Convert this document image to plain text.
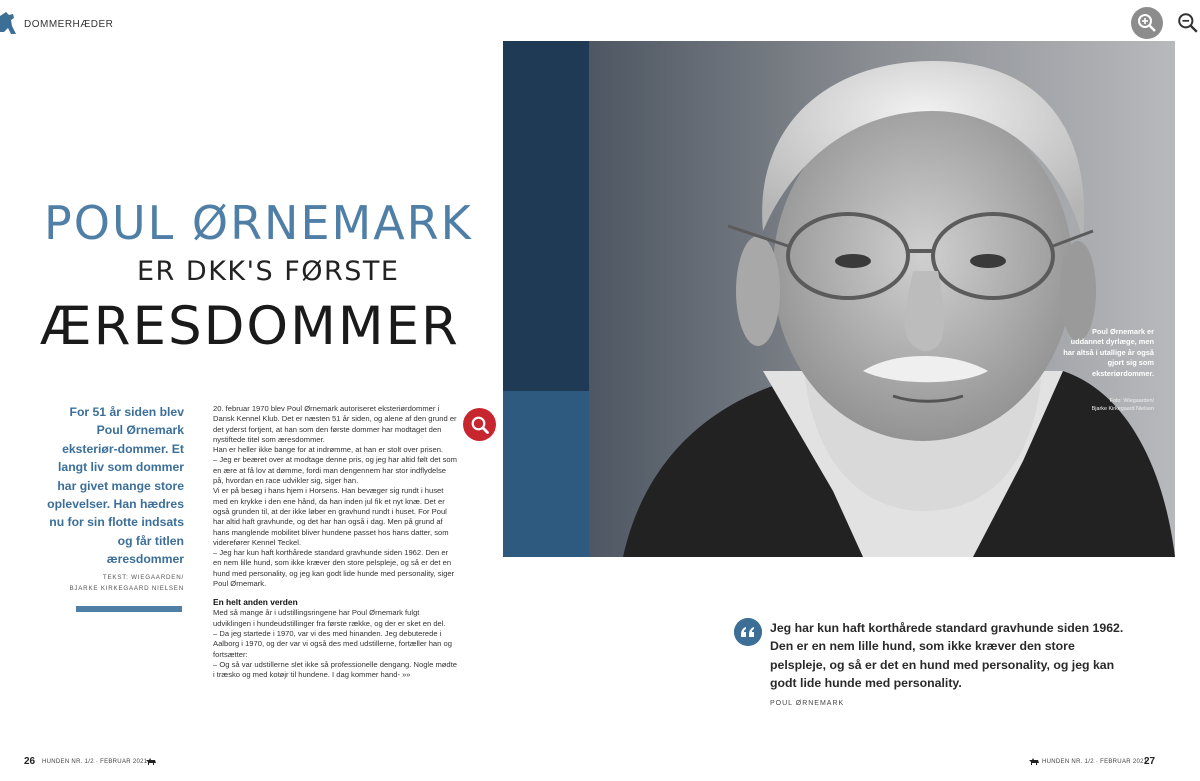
DOMMERHÆDER
POUL ØRNEMARK
ER DKK'S FØRSTE
ÆRESDOMMER
For 51 år siden blev Poul Ørnemark eksteriør-dommer. Et langt liv som dommer har givet mange store oplevelser. Han hædres nu for sin flotte indsats og får titlen æresdommer
TEKST: WIEGAARDEN/
BJARKE KIRKEGAARD NIELSEN

20. februar 1970 blev Poul Ørnemark autoriseret eksteriørdommer i Dansk Kennel Klub. Det er næsten 51 år siden, og alene af den grund er det yderst fortjent, at han som den første dommer har modtaget den nystiftede titel som æresdommer.

Han er heller ikke bange for at indrømme, at han er stolt over prisen.

– Jeg er beæret over at modtage denne pris, og jeg har altid følt det som en ære at få lov at dømme, fordi man dengennem har stor indflydelse på, hvordan en race udvikler sig, siger han.

Vi er på besøg i hans hjem i Horsens. Han bevæger sig rundt i huset med en krykke i den ene hånd, da han inden jul fik et nyt knæ. Det er også grunden til, at der ikke løber en gravhund rundt i huset. For Poul har altid haft gravhunde, og det har han også i dag. Men på grund af hans manglende mobilitet bliver hundene passet hos hans datter, som viderefører Kennel Teckel.

– Jeg har kun haft korthårede standard gravhunde siden 1962. Den er en nem lille hund, som ikke kræver den store pelspleje, og så er det en hund med personality, og jeg kan godt lide hunde med personality, siger Poul Ørnemark.

En helt anden verden

Med så mange år i udstillingsringene har Poul Ørnemark fulgt udviklingen i hundeudstillinger fra første række, og der er sket en del.

– Da jeg startede i 1970, var vi des med hinanden. Jeg debuterede i Aalborg i 1970, og der var vi også des med udstillerne, fortæller han og fortsætter:

– Og så var udstillerne slet ikke så professionelle dengang. Nogle mødte i træsko og med kotøjr til hundene. I dag kommer hand- »»

Poul Ørnemark er uddannet dyrlæge, men har altså i utallige år også gjort sig som eksteriørdommer.
Foto: Wiegaarden/
Bjarke Kirkegaard Nielsen
Jeg har kun haft korthårede standard gravhunde siden 1962. Den er en nem lille hund, som ikke kræver den store pelspleje, og så er det en hund med personality, og jeg kan godt lide hunde med personality.
POUL ØRNEMARK
26 HUNDEN NR. 1/2 · FEBRUAR 2021	HUNDEN NR. 1/2 · FEBRUAR 2021
27
